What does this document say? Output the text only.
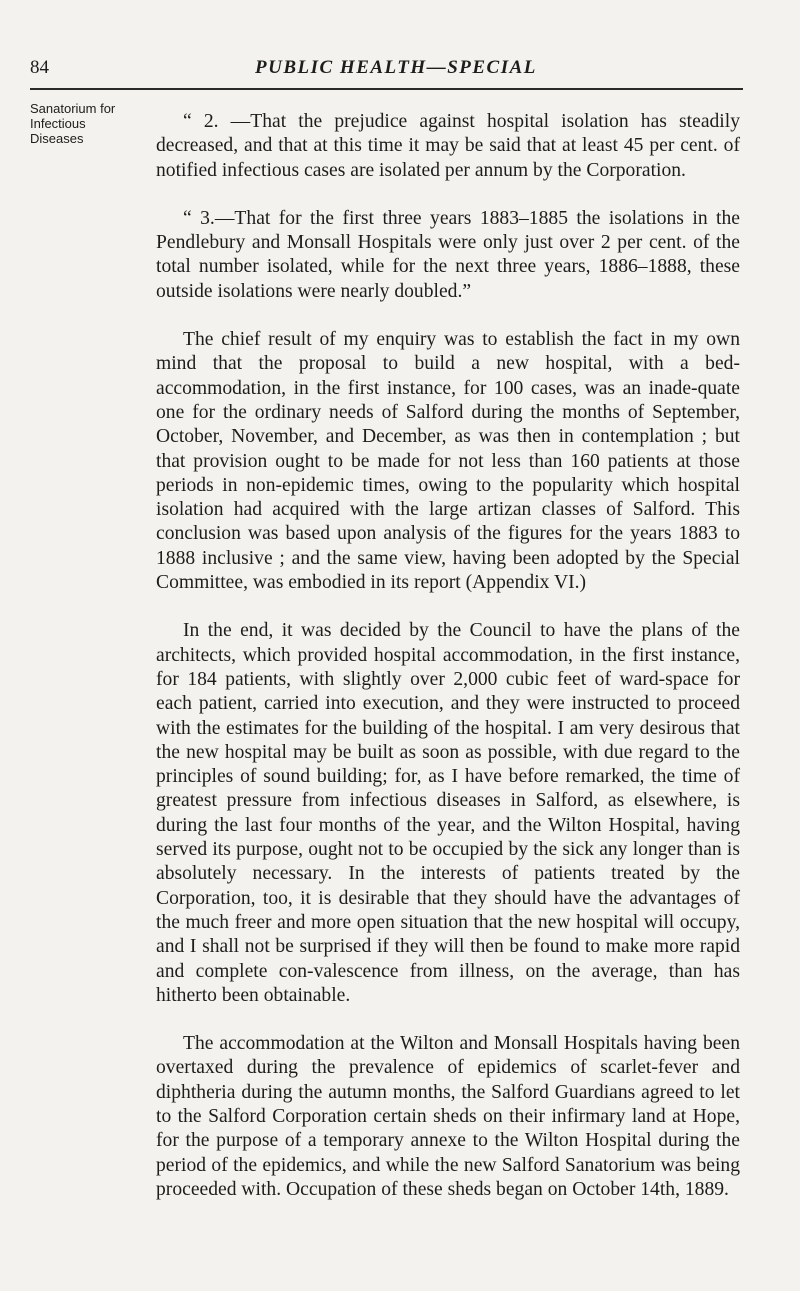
84	PUBLIC HEALTH—SPECIAL
Sanatorium for
Infectious
Diseases

“ 2. —That the prejudice against hospital isolation has steadily decreased, and that at this time it may be said that at least 45 per cent. of notified infectious cases are isolated per annum by the Corporation.

“ 3.—That for the first three years 1883–1885 the isolations in the Pendlebury and Monsall Hospitals were only just over 2 per cent. of the total number isolated, while for the next three years, 1886–1888, these outside isolations were nearly doubled.”

The chief result of my enquiry was to establish the fact in my own mind that the proposal to build a new hospital, with a bed-accommodation, in the first instance, for 100 cases, was an inade-quate one for the ordinary needs of Salford during the months of September, October, November, and December, as was then in contemplation ; but that provision ought to be made for not less than 160 patients at those periods in non-epidemic times, owing to the popularity which hospital isolation had acquired with the large artizan classes of Salford. This conclusion was based upon analysis of the figures for the years 1883 to 1888 inclusive ; and the same view, having been adopted by the Special Committee, was embodied in its report (Appendix VI.)

In the end, it was decided by the Council to have the plans of the architects, which provided hospital accommodation, in the first instance, for 184 patients, with slightly over 2,000 cubic feet of ward-space for each patient, carried into execution, and they were instructed to proceed with the estimates for the building of the hospital. I am very desirous that the new hospital may be built as soon as possible, with due regard to the principles of sound building; for, as I have before remarked, the time of greatest pressure from infectious diseases in Salford, as elsewhere, is during the last four months of the year, and the Wilton Hospital, having served its purpose, ought not to be occupied by the sick any longer than is absolutely necessary. In the interests of patients treated by the Corporation, too, it is desirable that they should have the advantages of the much freer and more open situation that the new hospital will occupy, and I shall not be surprised if they will then be found to make more rapid and complete con-valescence from illness, on the average, than has hitherto been obtainable.

The accommodation at the Wilton and Monsall Hospitals having been overtaxed during the prevalence of epidemics of scarlet-fever and diphtheria during the autumn months, the Salford Guardians agreed to let to the Salford Corporation certain sheds on their infirmary land at Hope, for the purpose of a temporary annexe to the Wilton Hospital during the period of the epidemics, and while the new Salford Sanatorium was being proceeded with. Occupation of these sheds began on October 14th, 1889.
